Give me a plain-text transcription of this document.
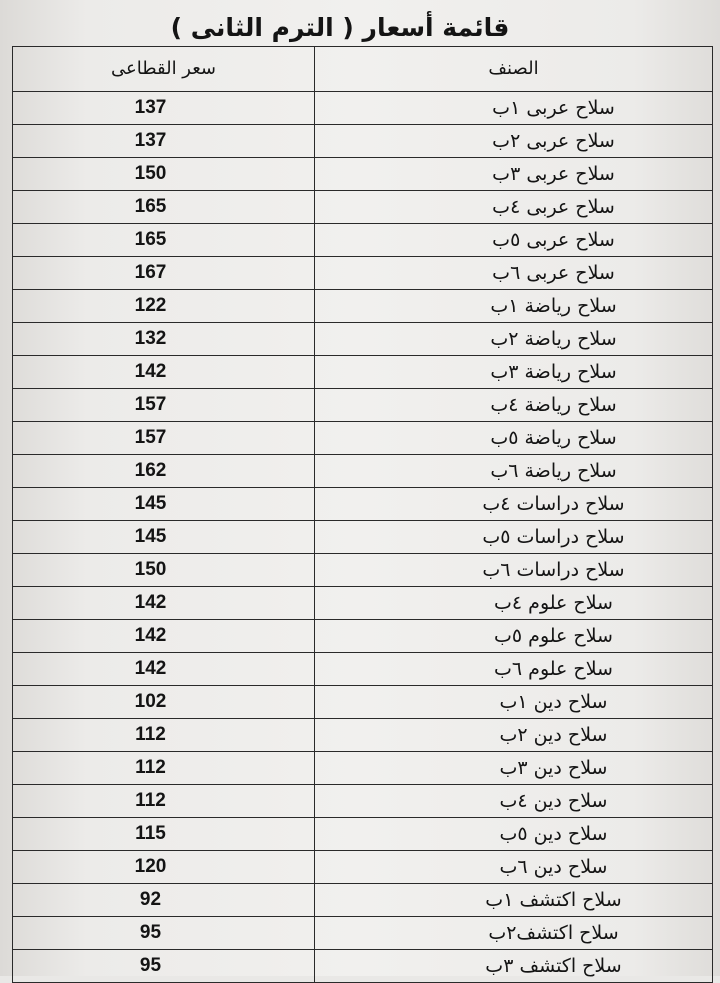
قائمة أسعار ( الترم الثانى )
سعر القطاعى	الصنف
137	سلاح عربى ١ب
137	سلاح عربى ٢ب
150	سلاح عربى ٣ب
165	سلاح عربى ٤ب
165	سلاح عربى ٥ب
167	سلاح عربى ٦ب
122	سلاح رياضة ١ب
132	سلاح رياضة ٢ب
142	سلاح رياضة ٣ب
157	سلاح رياضة ٤ب
157	سلاح رياضة ٥ب
162	سلاح رياضة ٦ب
145	سلاح دراسات ٤ب
145	سلاح دراسات ٥ب
150	سلاح دراسات ٦ب
142	سلاح علوم ٤ب
142	سلاح علوم ٥ب
142	سلاح علوم ٦ب
102	سلاح دين ١ب
112	سلاح دين ٢ب
112	سلاح دين ٣ب
112	سلاح دين ٤ب
115	سلاح دين ٥ب
120	سلاح دين ٦ب
92	سلاح اكتشف ١ب
95	سلاح اكتشف٢ب
95	سلاح اكتشف ٣ب
